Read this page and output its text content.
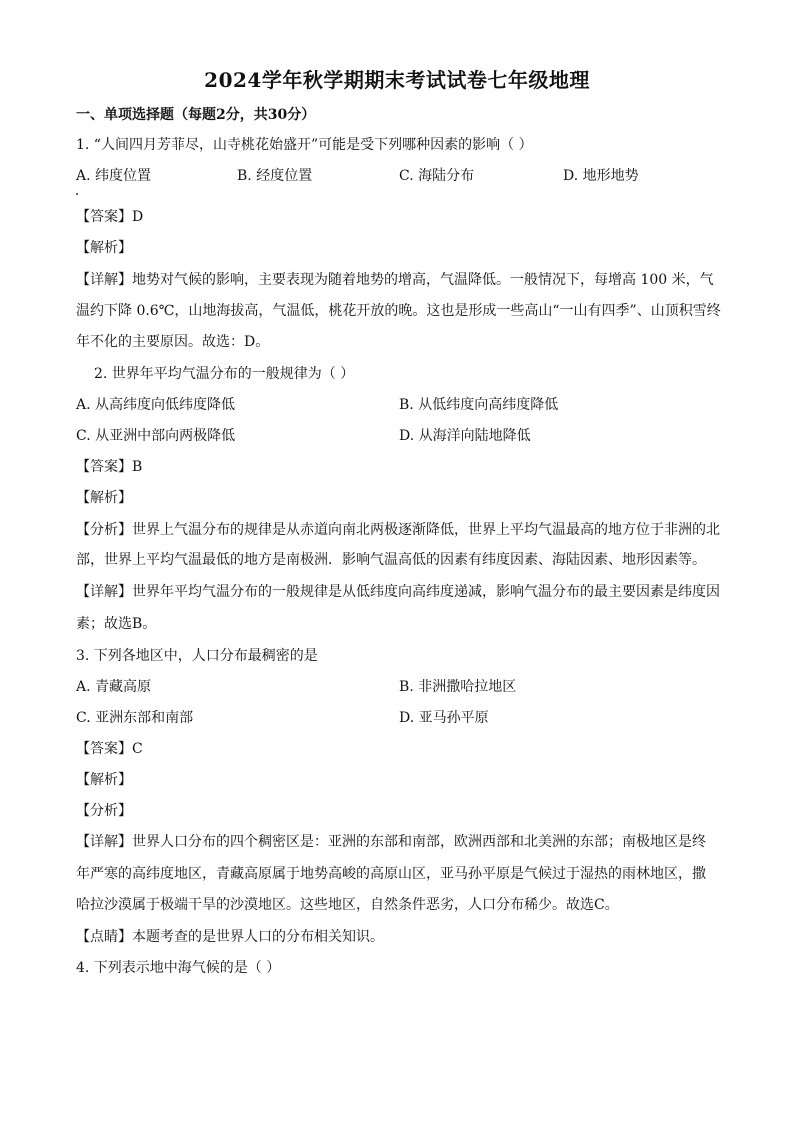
2024学年秋学期期末考试试卷七年级地理
一、单项选择题（每题2分，共30分）
1. “人间四月芳菲尽，山寺桃花始盛开”可能是受下列哪种因素的影响（ ）
A. 纬度位置	B. 经度位置	C. 海陆分布	D. 地形地势
【答案】D
【解析】
【详解】地势对气候的影响，主要表现为随着地势的增高，气温降低。一般情况下，每增高 100 米，气
温约下降 0.6℃，山地海拔高，气温低，桃花开放的晚。这也是形成一些高山“一山有四季”、山顶积雪终
年不化的主要原因。故选：D。
2. 世界年平均气温分布的一般规律为（ ）
A. 从高纬度向低纬度降低	B. 从低纬度向高纬度降低
C. 从亚洲中部向两极降低	D. 从海洋向陆地降低
【答案】B
【解析】
【分析】世界上气温分布的规律是从赤道向南北两极逐渐降低，世界上平均气温最高的地方位于非洲的北
部，世界上平均气温最低的地方是南极洲．影响气温高低的因素有纬度因素、海陆因素、地形因素等。
【详解】世界年平均气温分布的一般规律是从低纬度向高纬度递减，影响气温分布的最主要因素是纬度因
素；故选B。
3. 下列各地区中，人口分布最稠密的是
A. 青藏高原	B. 非洲撒哈拉地区
C. 亚洲东部和南部	D. 亚马孙平原
【答案】C
【解析】
【分析】
【详解】世界人口分布的四个稠密区是：亚洲的东部和南部，欧洲西部和北美洲的东部；南极地区是终
年严寒的高纬度地区，青藏高原属于地势高峻的高原山区，亚马孙平原是气候过于湿热的雨林地区，撒
哈拉沙漠属于极端干旱的沙漠地区。这些地区，自然条件恶劣，人口分布稀少。故选C。
【点睛】本题考查的是世界人口的分布相关知识。
4. 下列表示地中海气候的是（ ）
